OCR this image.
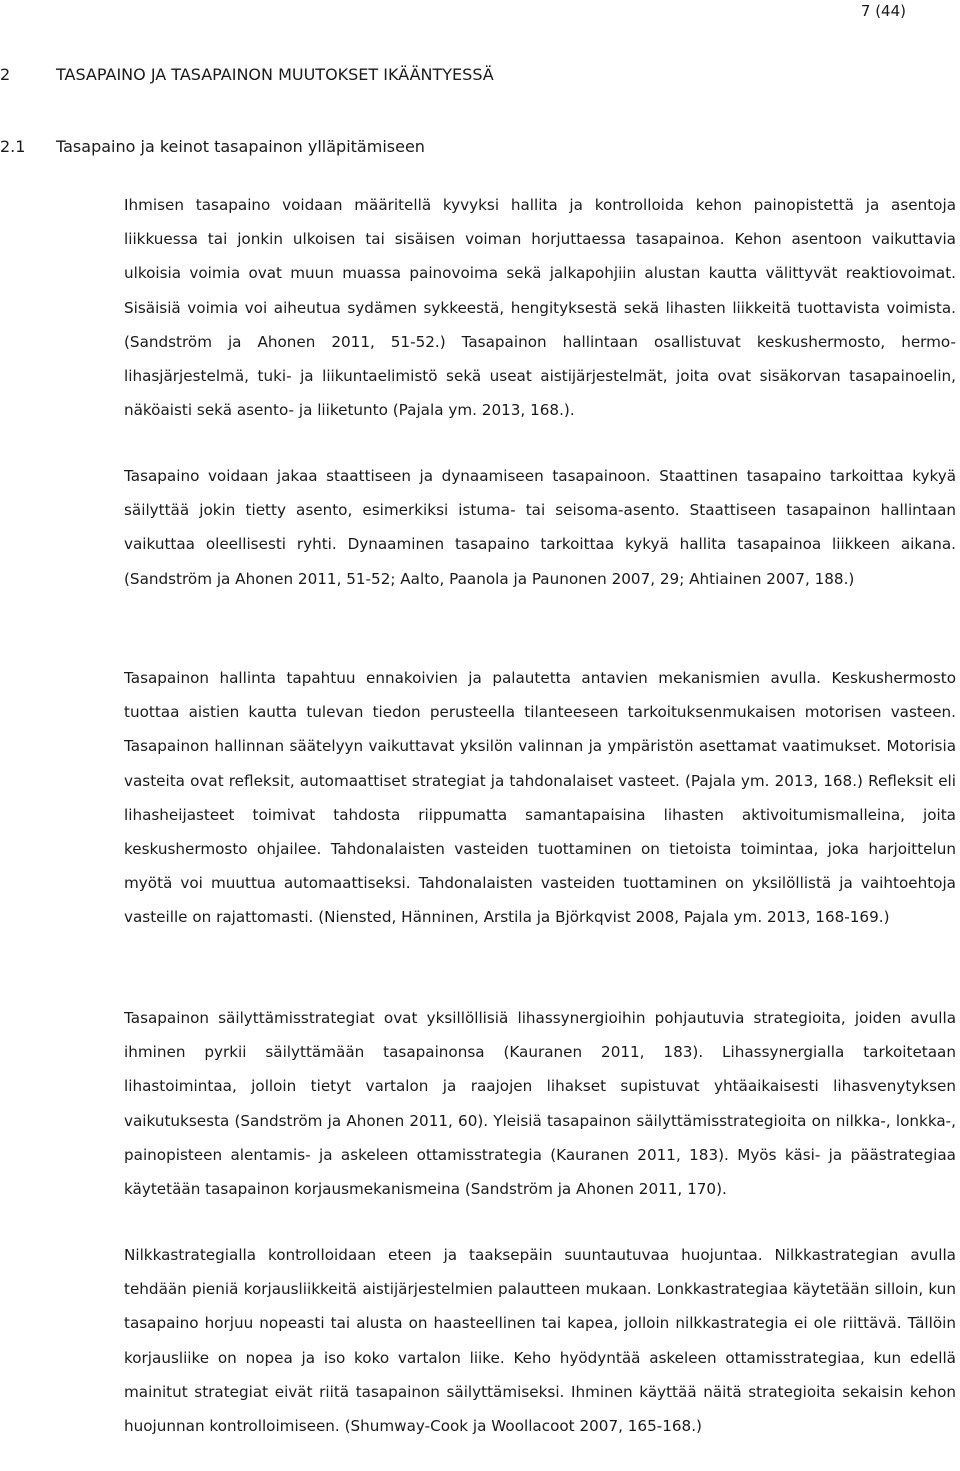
7 (44)
2	TASAPAINO JA TASAPAINON MUUTOKSET IKÄÄNTYESSÄ
2.1 Tasapaino ja keinot tasapainon ylläpitämiseen

Ihmisen tasapaino voidaan määritellä kyvyksi hallita ja kontrolloida kehon painopistettä ja asentoja liikkuessa tai jonkin ulkoisen tai sisäisen voiman horjuttaessa tasapainoa. Kehon asentoon vaikuttavia ulkoisia voimia ovat muun muassa painovoima sekä jalkapohjiin alustan kautta välittyvät reaktiovoimat. Sisäisiä voimia voi aiheutua sydämen sykkeestä, hengityksestä sekä lihasten liikkeitä tuottavista voimista. (Sandström ja Ahonen 2011, 51-52.) Tasapainon hallintaan osallistuvat keskushermosto, hermo-lihasjärjestelmä, tuki- ja liikuntaelimistö sekä useat aistijärjestelmät, joita ovat sisäkorvan tasapainoelin, näköaisti sekä asento- ja liiketunto (Pajala ym. 2013, 168.).

Tasapaino voidaan jakaa staattiseen ja dynaamiseen tasapainoon. Staattinen tasapaino tarkoittaa kykyä säilyttää jokin tietty asento, esimerkiksi istuma- tai seisoma-asento. Staattiseen tasapainon hallintaan vaikuttaa oleellisesti ryhti. Dynaaminen tasapaino tarkoittaa kykyä hallita tasapainoa liikkeen aikana. (Sandström ja Ahonen 2011, 51-52; Aalto, Paanola ja Paunonen 2007, 29; Ahtiainen 2007, 188.)

Tasapainon hallinta tapahtuu ennakoivien ja palautetta antavien mekanismien avulla. Keskushermosto tuottaa aistien kautta tulevan tiedon perusteella tilanteeseen tarkoituksenmukaisen motorisen vasteen. Tasapainon hallinnan säätelyyn vaikuttavat yksilön valinnan ja ympäristön asettamat vaatimukset. Motorisia vasteita ovat refleksit, automaattiset strategiat ja tahdonalaiset vasteet. (Pajala ym. 2013, 168.) Refleksit eli lihasheijasteet toimivat tahdosta riippumatta samantapaisina lihasten aktivoitumismalleina, joita keskushermosto ohjailee. Tahdonalaisten vasteiden tuottaminen on tietoista toimintaa, joka harjoittelun myötä voi muuttua automaattiseksi. Tahdonalaisten vasteiden tuottaminen on yksilöllistä ja vaihtoehtoja vasteille on rajattomasti. (Niensted, Hänninen, Arstila ja Björkqvist 2008, Pajala ym. 2013, 168-169.)

Tasapainon säilyttämisstrategiat ovat yksillöllisiä lihassynergioihin pohjautuvia strategioita, joiden avulla ihminen pyrkii säilyttämään tasapainonsa (Kauranen 2011, 183). Lihassynergialla tarkoitetaan lihastoimintaa, jolloin tietyt vartalon ja raajojen lihakset supistuvat yhtäaikaisesti lihasvenytyksen vaikutuksesta (Sandström ja Ahonen 2011, 60). Yleisiä tasapainon säilyttämisstrategioita on nilkka-, lonkka-, painopisteen alentamis- ja askeleen ottamisstrategia (Kauranen 2011, 183). Myös käsi- ja päästrategiaa käytetään tasapainon korjausmekanismeina (Sandström ja Ahonen 2011, 170).

Nilkkastrategialla kontrolloidaan eteen ja taaksepäin suuntautuvaa huojuntaa. Nilkkastrategian avulla tehdään pieniä korjausliikkeitä aistijärjestelmien palautteen mukaan. Lonkkastrategiaa käytetään silloin, kun tasapaino horjuu nopeasti tai alusta on haasteellinen tai kapea, jolloin nilkkastrategia ei ole riittävä. Tällöin korjausliike on nopea ja iso koko vartalon liike. Keho hyödyntää askeleen ottamisstrategiaa, kun edellä mainitut strategiat eivät riitä tasapainon säilyttämiseksi. Ihminen käyttää näitä strategioita sekaisin kehon huojunnan kontrolloimiseen. (Shumway-Cook ja Woollacoot 2007, 165-168.)
